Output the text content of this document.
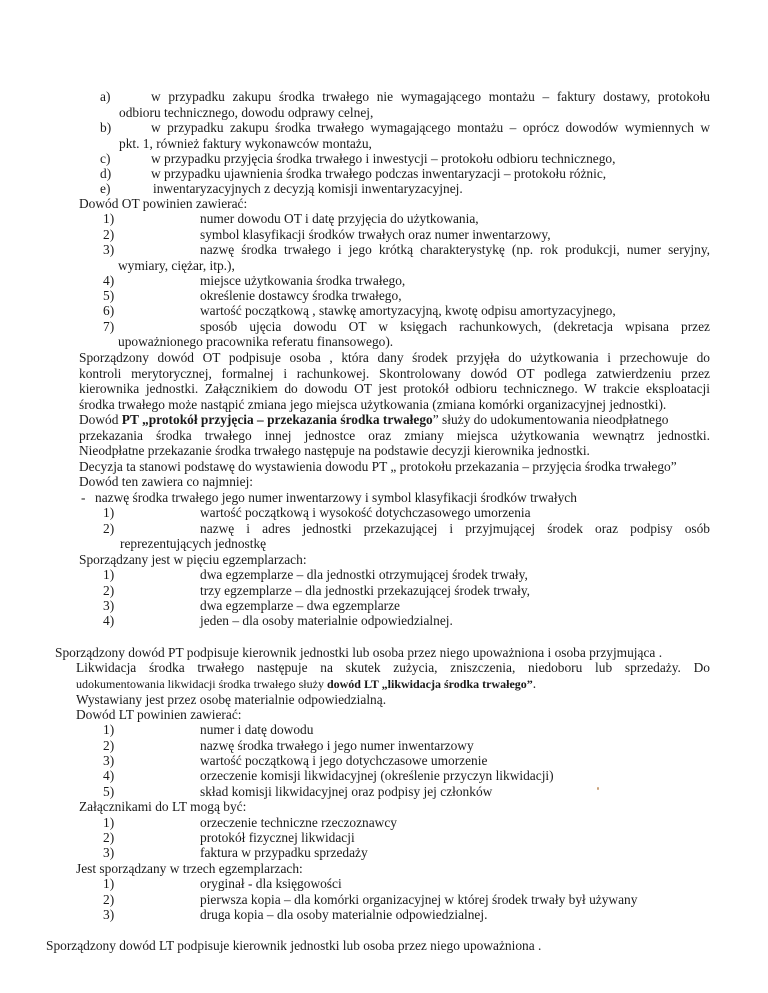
a)	w przypadku zakupu środka trwałego nie wymagającego montażu – faktury dostawy, protokołu
odbioru technicznego, dowodu odprawy celnej,
b)	w przypadku zakupu środka trwałego wymagającego montażu – oprócz dowodów wymiennych w
pkt. 1, również faktury wykonawców montażu,
c)	w przypadku przyjęcia środka trwałego i inwestycji – protokołu odbioru technicznego,
d)	w przypadku ujawnienia środka trwałego podczas inwentaryzacji – protokołu różnic,
e)	inwentaryzacyjnych z decyzją komisji inwentaryzacyjnej.
Dowód OT powinien zawierać:
1)	numer dowodu OT i datę przyjęcia do użytkowania,
2)	symbol klasyfikacji środków trwałych oraz numer inwentarzowy,
3)	nazwę środka trwałego i jego krótką charakterystykę (np. rok produkcji, numer seryjny,
wymiary, ciężar, itp.),
4)	miejsce użytkowania środka trwałego,
5)	określenie dostawcy środka trwałego,
6)	wartość początkową , stawkę amortyzacyjną, kwotę odpisu amortyzacyjnego,
7)	sposób ujęcia dowodu OT w księgach rachunkowych, (dekretacja wpisana przez
upoważnionego pracownika referatu finansowego).
Sporządzony dowód OT podpisuje osoba , która dany środek przyjęła do użytkowania i przechowuje do
kontroli merytorycznej, formalnej i rachunkowej. Skontrolowany dowód OT podlega zatwierdzeniu przez
kierownika jednostki. Załącznikiem do dowodu OT jest protokół odbioru technicznego. W trakcie eksploatacji
środka trwałego może nastąpić zmiana jego miejsca użytkowania (zmiana komórki organizacyjnej jednostki).
Dowód PT „protokół przyjęcia – przekazania środka trwałego” służy do udokumentowania nieodpłatnego
przekazania środka trwałego innej jednostce oraz zmiany miejsca użytkowania wewnątrz jednostki.
Nieodpłatne przekazanie środka trwałego następuje na podstawie decyzji kierownika jednostki.
Decyzja ta stanowi podstawę do wystawienia dowodu PT „ protokołu przekazania – przyjęcia środka trwałego”
Dowód ten zawiera co najmniej:
- nazwę środka trwałego jego numer inwentarzowy i symbol klasyfikacji środków trwałych
1)	wartość początkową i wysokość dotychczasowego umorzenia
2)	nazwę i adres jednostki przekazującej i przyjmującej środek oraz podpisy osób
reprezentujących jednostkę
Sporządzany jest w pięciu egzemplarzach:
1)	dwa egzemplarze – dla jednostki otrzymującej środek trwały,
2)	trzy egzemplarze – dla jednostki przekazującej środek trwały,
3)	dwa egzemplarze – dwa egzemplarze
4)	jeden – dla osoby materialnie odpowiedzialnej.
Sporządzony dowód PT podpisuje kierownik jednostki lub osoba przez niego upoważniona i osoba przyjmująca .
Likwidacja środka trwałego następuje na skutek zużycia, zniszczenia, niedoboru lub sprzedaży. Do
udokumentowania likwidacji środka trwałego służy dowód LT „likwidacja środka trwałego”.
Wystawiany jest przez osobę materialnie odpowiedzialną.
Dowód LT powinien zawierać:
1)	numer i datę dowodu
2)	nazwę środka trwałego i jego numer inwentarzowy
3)	wartość początkową i jego dotychczasowe umorzenie
4)	orzeczenie komisji likwidacyjnej (określenie przyczyn likwidacji)
5)	skład komisji likwidacyjnej oraz podpisy jej członków
Załącznikami do LT mogą być:
1)	orzeczenie techniczne rzeczoznawcy
2)	protokół fizycznej likwidacji
3)	faktura w przypadku sprzedaży
Jest sporządzany w trzech egzemplarzach:
1)	oryginał - dla księgowości
2)	pierwsza kopia – dla komórki organizacyjnej w której środek trwały był używany
3)	druga kopia – dla osoby materialnie odpowiedzialnej.
Sporządzony dowód LT podpisuje kierownik jednostki lub osoba przez niego upoważniona .
